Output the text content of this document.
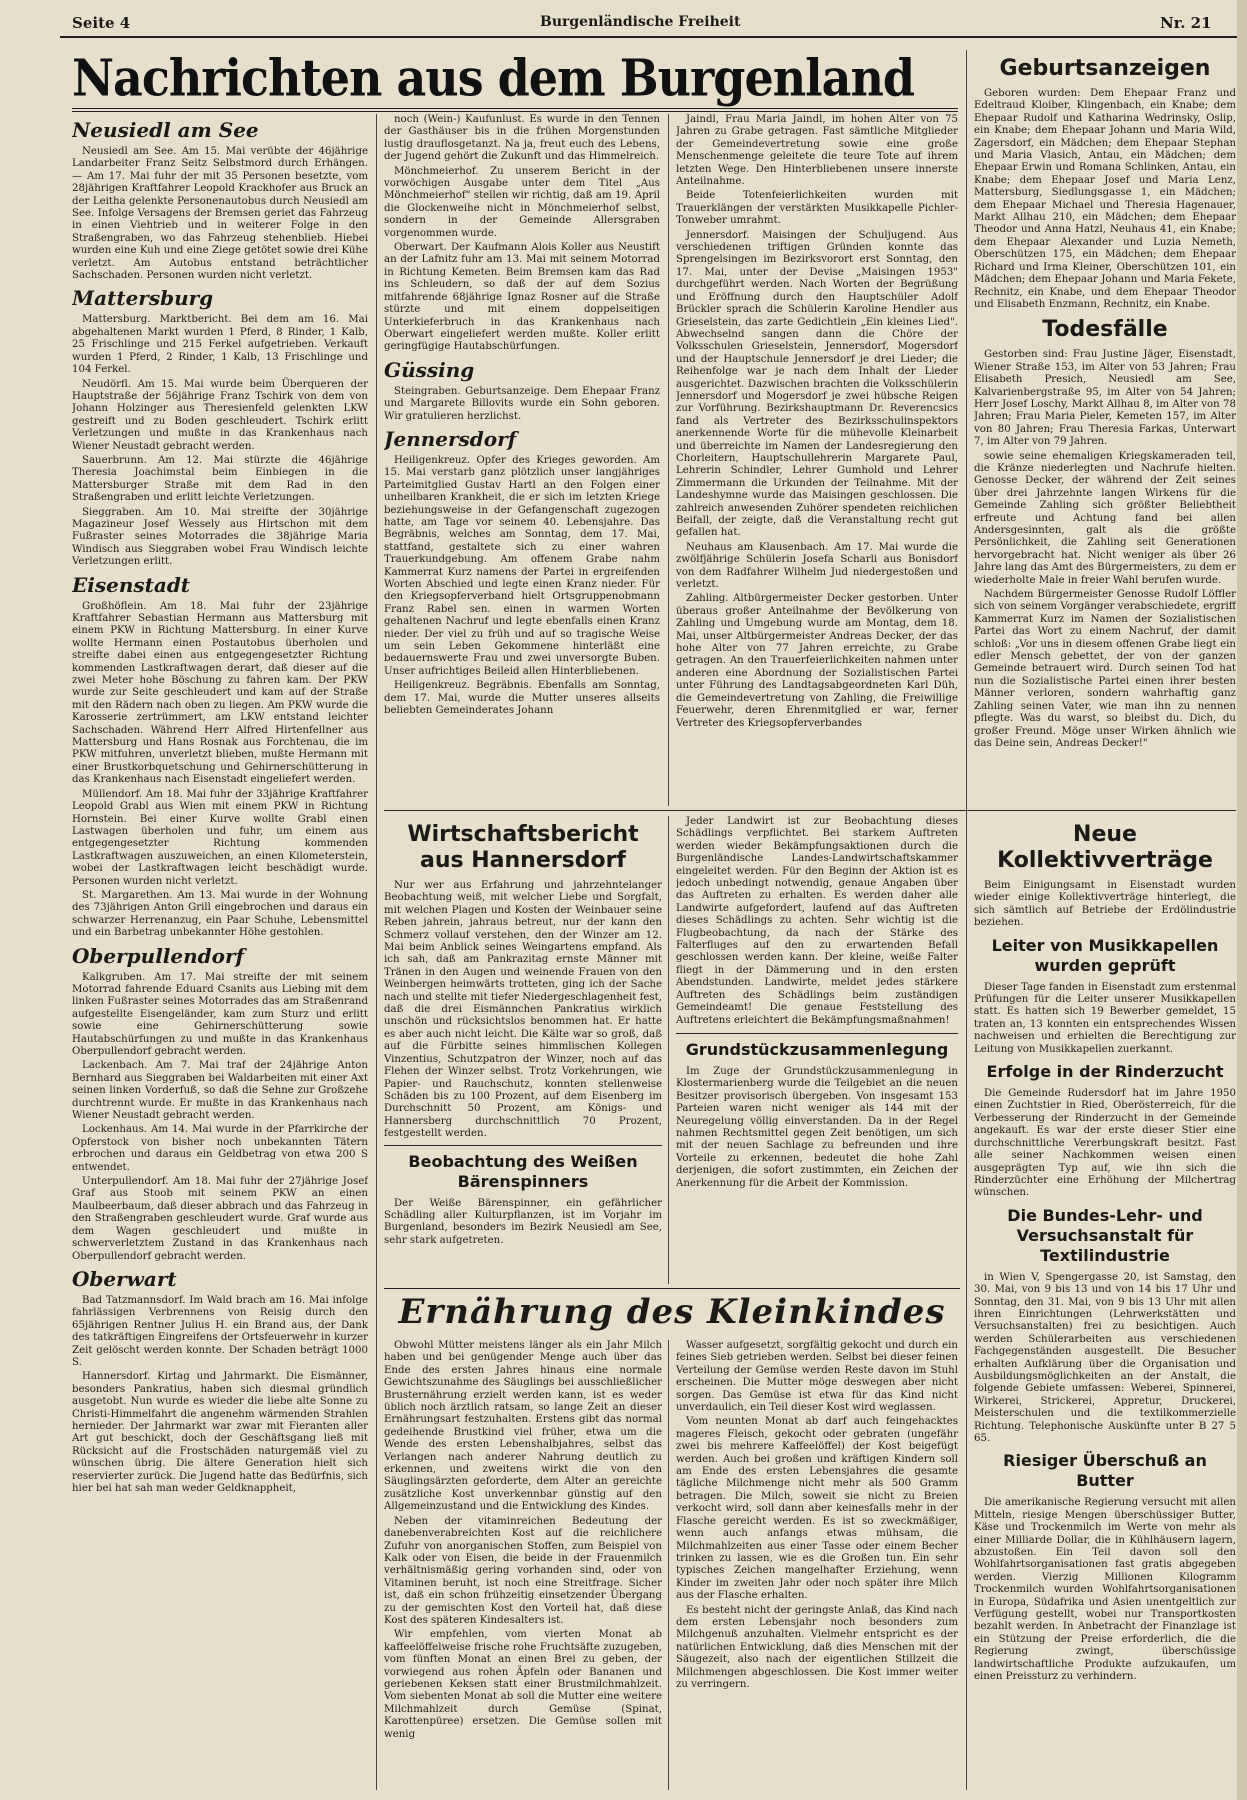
Seite 4	Burgenländische Freiheit	Nr. 21
Nachrichten aus dem Burgenland
Neusiedl am See

Neusiedl am See. Am 15. Mai verübte der 46jährige Landarbeiter Franz Seitz Selbstmord durch Erhängen. — Am 17. Mai fuhr der mit 35 Personen besetzte, vom 28jährigen Kraftfahrer Leopold Krackhofer aus Bruck an der Leitha gelenkte Personenautobus durch Neusiedl am See. Infolge Versagens der Bremsen geriet das Fahrzeug in einen Viehtrieb und in weiterer Folge in den Straßengraben, wo das Fahrzeug stehenblieb. Hiebei wurden eine Kuh und eine Ziege getötet sowie drei Kühe verletzt. Am Autobus entstand beträchtlicher Sachschaden. Personen wurden nicht verletzt.

Mattersburg

Mattersburg. Marktbericht. Bei dem am 16. Mai abgehaltenen Markt wurden 1 Pferd, 8 Rinder, 1 Kalb, 25 Frischlinge und 215 Ferkel aufgetrieben. Verkauft wurden 1 Pferd, 2 Rinder, 1 Kalb, 13 Frischlinge und 104 Ferkel.

Neudörfl. Am 15. Mai wurde beim Überqueren der Hauptstraße der 56jährige Franz Tschirk von dem von Johann Holzinger aus Theresienfeld gelenkten LKW gestreift und zu Boden geschleudert. Tschirk erlitt Verletzungen und mußte in das Krankenhaus nach Wiener Neustadt gebracht werden.

Sauerbrunn. Am 12. Mai stürzte die 46jährige Theresia Joachimstal beim Einbiegen in die Mattersburger Straße mit dem Rad in den Straßengraben und erlitt leichte Verletzungen.

Sieggraben. Am 10. Mai streifte der 30jährige Magazineur Josef Wessely aus Hirtschon mit dem Fußraster seines Motorrades die 38jährige Maria Windisch aus Sieggraben wobei Frau Windisch leichte Verletzungen erlitt.

Eisenstadt

Großhöflein. Am 18. Mai fuhr der 23jährige Kraftfahrer Sebastian Hermann aus Mattersburg mit einem PKW in Richtung Mattersburg. In einer Kurve wollte Hermann einen Postautobus überholen und streifte dabei einen aus entgegengesetzter Richtung kommenden Lastkraftwagen derart, daß dieser auf die zwei Meter hohe Böschung zu fahren kam. Der PKW wurde zur Seite geschleudert und kam auf der Straße mit den Rädern nach oben zu liegen. Am PKW wurde die Karosserie zertrümmert, am LKW entstand leichter Sachschaden. Während Herr Alfred Hirtenfellner aus Mattersburg und Hans Rosnak aus Forchtenau, die im PKW mitfuhren, unverletzt blieben, mußte Hermann mit einer Brustkorbquetschung und Gehirnerschütterung in das Krankenhaus nach Eisenstadt eingeliefert werden.

Müllendorf. Am 18. Mai fuhr der 33jährige Kraftfahrer Leopold Grabl aus Wien mit einem PKW in Richtung Hornstein. Bei einer Kurve wollte Grabl einen Lastwagen überholen und fuhr, um einem aus entgegengesetzter Richtung kommenden Lastkraftwagen auszuweichen, an einen Kilometerstein, wobei der Lastkraftwagen leicht beschädigt wurde. Personen wurden nicht verletzt.

St. Margarethen. Am 13. Mai wurde in der Wohnung des 73jährigen Anton Grill eingebrochen und daraus ein schwarzer Herrenanzug, ein Paar Schuhe, Lebensmittel und ein Barbetrag unbekannter Höhe gestohlen.

Oberpullendorf

Kalkgruben. Am 17. Mai streifte der mit seinem Motorrad fahrende Eduard Csanits aus Liebing mit dem linken Fußraster seines Motorrades das am Straßenrand aufgestellte Eisengeländer, kam zum Sturz und erlitt sowie eine Gehirnerschütterung sowie Hautabschürfungen zu und mußte in das Krankenhaus Oberpullendorf gebracht werden.

Lackenbach. Am 7. Mai traf der 24jährige Anton Bernhard aus Sieggraben bei Waldarbeiten mit einer Axt seinen linken Vorderfuß, so daß die Sehne zur Großzehe durchtrennt wurde. Er mußte in das Krankenhaus nach Wiener Neustadt gebracht werden.

Lockenhaus. Am 14. Mai wurde in der Pfarrkirche der Opferstock von bisher noch unbekannten Tätern erbrochen und daraus ein Geldbetrag von etwa 200 S entwendet.

Unterpullendorf. Am 18. Mai fuhr der 27jährige Josef Graf aus Stoob mit seinem PKW an einen Maulbeerbaum, daß dieser abbrach und das Fahrzeug in den Straßengraben geschleudert wurde. Graf wurde aus dem Wagen geschleudert und mußte in schwerverletztem Zustand in das Krankenhaus nach Oberpullendorf gebracht werden.

Oberwart

Bad Tatzmannsdorf. Im Wald brach am 16. Mai infolge fahrlässigen Verbrennens von Reisig durch den 65jährigen Rentner Julius H. ein Brand aus, der Dank des tatkräftigen Eingreifens der Ortsfeuerwehr in kurzer Zeit gelöscht werden konnte. Der Schaden beträgt 1000 S.

Hannersdorf. Kirtag und Jahrmarkt. Die Eismänner, besonders Pankratius, haben sich diesmal gründlich ausgetobt. Nun wurde es wieder die liebe alte Sonne zu Christi-Himmelfahrt die angenehm wärmenden Strahlen hernieder. Der Jahrmarkt war zwar mit Fieranten aller Art gut beschickt, doch der Geschäftsgang ließ mit Rücksicht auf die Frostschäden naturgemäß viel zu wünschen übrig. Die ältere Generation hielt sich reservierter zurück. Die Jugend hatte das Bedürfnis, sich hier bei hat sah man weder Geldknappheit,

noch (Wein-) Kaufunlust. Es wurde in den Tennen der Gasthäuser bis in die frühen Morgenstunden lustig drauflosgetanzt. Na ja, freut euch des Lebens, der Jugend gehört die Zukunft und das Himmelreich.

Mönchmeierhof. Zu unserem Bericht in der vorwöchigen Ausgabe unter dem Titel „Aus Mönchmeierhof" stellen wir richtig, daß am 19. April die Glockenweihe nicht in Mönchmeierhof selbst, sondern in der Gemeinde Allersgraben vorgenommen wurde.

Oberwart. Der Kaufmann Alois Koller aus Neustift an der Lafnitz fuhr am 13. Mai mit seinem Motorrad in Richtung Kemeten. Beim Bremsen kam das Rad ins Schleudern, so daß der auf dem Sozius mitfahrende 68jährige Ignaz Rosner auf die Straße stürzte und mit einem doppelseitigen Unterkieferbruch in das Krankenhaus nach Oberwart eingeliefert werden mußte. Koller erlitt geringfügige Hautabschürfungen.

Güssing

Steingraben. Geburtsanzeige. Dem Ehepaar Franz und Margarete Billovits wurde ein Sohn geboren. Wir gratulieren herzlichst.

Jennersdorf

Heiligenkreuz. Opfer des Krieges geworden. Am 15. Mai verstarb ganz plötzlich unser langjähriges Parteimitglied Gustav Hartl an den Folgen einer unheilbaren Krankheit, die er sich im letzten Kriege beziehungsweise in der Gefangenschaft zugezogen hatte, am Tage vor seinem 40. Lebensjahre. Das Begräbnis, welches am Sonntag, dem 17. Mai, stattfand, gestaltete sich zu einer wahren Trauerkundgebung. Am offenem Grabe nahm Kammerrat Kurz namens der Partei in ergreifenden Worten Abschied und legte einen Kranz nieder. Für den Kriegsopferverband hielt Ortsgruppenobmann Franz Rabel sen. einen in warmen Worten gehaltenen Nachruf und legte ebenfalls einen Kranz nieder. Der viel zu früh und auf so tragische Weise um sein Leben Gekommene hinterläßt eine bedauernswerte Frau und zwei unversorgte Buben. Unser aufrichtiges Beileid allen Hinterbliebenen.

Heiligenkreuz. Begräbnis. Ebenfalls am Sonntag, dem 17. Mai, wurde die Mutter unseres allseits beliebten Gemeinderates Johann

Jaindl, Frau Maria Jaindl, im hohen Alter von 75 Jahren zu Grabe getragen. Fast sämtliche Mitglieder der Gemeindevertretung sowie eine große Menschenmenge geleitete die teure Tote auf ihrem letzten Wege. Den Hinterbliebenen unsere innerste Anteilnahme.

Beide Totenfeierlichkeiten wurden mit Trauerklängen der verstärkten Musikkapelle Pichler-Tonweber umrahmt.

Jennersdorf. Maisingen der Schuljugend. Aus verschiedenen triftigen Gründen konnte das Sprengelsingen im Bezirksvorort erst Sonntag, den 17. Mai, unter der Devise „Maisingen 1953" durchgeführt werden. Nach Worten der Begrüßung und Eröffnung durch den Hauptschüler Adolf Brückler sprach die Schülerin Karoline Hendler aus Grieselstein, das zarte Gedichtlein „Ein kleines Lied". Abwechselnd sangen dann die Chöre der Volksschulen Grieselstein, Jennersdorf, Mogersdorf und der Hauptschule Jennersdorf je drei Lieder; die Reihenfolge war je nach dem Inhalt der Lieder ausgerichtet. Dazwischen brachten die Volksschülerin Jennersdorf und Mogersdorf je zwei hübsche Reigen zur Vorführung. Bezirkshauptmann Dr. Reverencsics fand als Vertreter des Bezirksschulinspektors anerkennende Worte für die mühevolle Kleinarbeit und überreichte im Namen der Landesregierung den Chorleitern, Hauptschullehrerin Margarete Paul, Lehrerin Schindler, Lehrer Gumhold und Lehrer Zimmermann die Urkunden der Teilnahme. Mit der Landeshymne wurde das Maisingen geschlossen. Die zahlreich anwesenden Zuhörer spendeten reichlichen Beifall, der zeigte, daß die Veranstaltung recht gut gefallen hat.

Neuhaus am Klausenbach. Am 17. Mai wurde die zwölfjährige Schülerin Josefa Scharli aus Bonisdorf von dem Radfahrer Wilhelm Jud niedergestoßen und verletzt.

Zahling. Altbürgermeister Decker gestorben. Unter überaus großer Anteilnahme der Bevölkerung von Zahling und Umgebung wurde am Montag, dem 18. Mai, unser Altbürgermeister Andreas Decker, der das hohe Alter von 77 Jahren erreichte, zu Grabe getragen. An den Trauerfeierlichkeiten nahmen unter anderen eine Abordnung der Sozialistischen Partei unter Führung des Landtagsabgeordneten Karl Düh, die Gemeindevertretung von Zahling, die Freiwillige Feuerwehr, deren Ehrenmitglied er war, ferner Vertreter des Kriegsopferverbandes

Geburtsanzeigen

Geboren wurden: Dem Ehepaar Franz und Edeltraud Kloiber, Klingenbach, ein Knabe; dem Ehepaar Rudolf und Katharina Wedrinsky, Oslip, ein Knabe; dem Ehepaar Johann und Maria Wild, Zagersdorf, ein Mädchen; dem Ehepaar Stephan und Maria Vlasich, Antau, ein Mädchen; dem Ehepaar Erwin und Romana Schlinken, Antau, ein Knabe; dem Ehepaar Josef und Maria Lenz, Mattersburg, Siedlungsgasse 1, ein Mädchen; dem Ehepaar Michael und Theresia Hagenauer, Markt Allhau 210, ein Mädchen; dem Ehepaar Theodor und Anna Hatzl, Neuhaus 41, ein Knabe; dem Ehepaar Alexander und Luzia Nemeth, Oberschützen 175, ein Mädchen; dem Ehepaar Richard und Irma Kleiner, Oberschützen 101, ein Mädchen; dem Ehepaar Johann und Maria Fekete, Rechnitz, ein Knabe, und dem Ehepaar Theodor und Elisabeth Enzmann, Rechnitz, ein Knabe.

Todesfälle

Gestorben sind: Frau Justine Jäger, Eisenstadt, Wiener Straße 153, im Alter von 53 Jahren; Frau Elisabeth Presich, Neusiedl am See, Kalvarienbergstraße 95, im Alter von 54 Jahren; Herr Josef Loschy, Markt Allhau 8, im Alter von 78 Jahren; Frau Maria Pieler, Kemeten 157, im Alter von 80 Jahren; Frau Theresia Farkas, Unterwart 7, im Alter von 79 Jahren.

sowie seine ehemaligen Kriegskameraden teil, die Kränze niederlegten und Nachrufe hielten. Genosse Decker, der während der Zeit seines über drei Jahrzehnte langen Wirkens für die Gemeinde Zahling sich größter Beliebtheit erfreute und Achtung fand bei allen Andersgesinnten, galt als die größte Persönlichkeit, die Zahling seit Generationen hervorgebracht hat. Nicht weniger als über 26 Jahre lang das Amt des Bürgermeisters, zu dem er wiederholte Male in freier Wahl berufen wurde.

Nachdem Bürgermeister Genosse Rudolf Löffler sich von seinem Vorgänger verabschiedete, ergriff Kammerrat Kurz im Namen der Sozialistischen Partei das Wort zu einem Nachruf, der damit schloß: „Vor uns in diesem offenen Grabe liegt ein edler Mensch gebettet, der von der ganzen Gemeinde betrauert wird. Durch seinen Tod hat nun die Sozialistische Partei einen ihrer besten Männer verloren, sondern wahrhaftig ganz Zahling seinen Vater, wie man ihn zu nennen pflegte. Was du warst, so bleibst du. Dich, du großer Freund. Möge unser Wirken ähnlich wie das Deine sein, Andreas Decker!"

Wirtschaftsbericht aus Hannersdorf

Nur wer aus Erfahrung und jahrzehntelanger Beobachtung weiß, mit welcher Liebe und Sorgfalt, mit welchen Plagen und Kosten der Weinbauer seine Reben jahrein, jahraus betreut, nur der kann den Schmerz vollauf verstehen, den der Winzer am 12. Mai beim Anblick seines Weingartens empfand. Als ich sah, daß am Pankrazitag ernste Männer mit Tränen in den Augen und weinende Frauen von den Weinbergen heimwärts trotteten, ging ich der Sache nach und stellte mit tiefer Niedergeschlagenheit fest, daß die drei Eismännchen Pankratius wirklich unschön und rücksichtslos benommen hat. Er hatte es aber auch nicht leicht. Die Kälte war so groß, daß auf die Fürbitte seines himmlischen Kollegen Vinzentius, Schutzpatron der Winzer, noch auf das Flehen der Winzer selbst. Trotz Vorkehrungen, wie Papier- und Rauchschutz, konnten stellenweise Schäden bis zu 100 Prozent, auf dem Eisenberg im Durchschnitt 50 Prozent, am Königs- und Hannersberg durchschnittlich 70 Prozent, festgestellt werden.

Beobachtung des Weißen Bärenspinners

Der Weiße Bärenspinner, ein gefährlicher Schädling aller Kulturpflanzen, ist im Vorjahr im Burgenland, besonders im Bezirk Neusiedl am See, sehr stark aufgetreten.

Jeder Landwirt ist zur Beobachtung dieses Schädlings verpflichtet. Bei starkem Auftreten werden wieder Bekämpfungsaktionen durch die Burgenländische Landes-Landwirtschaftskammer eingeleitet werden. Für den Beginn der Aktion ist es jedoch unbedingt notwendig, genaue Angaben über das Auftreten zu erhalten. Es werden daher alle Landwirte aufgefordert, laufend auf das Auftreten dieses Schädlings zu achten. Sehr wichtig ist die Flugbeobachtung, da nach der Stärke des Falterfluges auf den zu erwartenden Befall geschlossen werden kann. Der kleine, weiße Falter fliegt in der Dämmerung und in den ersten Abendstunden. Landwirte, meldet jedes stärkere Auftreten des Schädlings beim zuständigen Gemeindeamt! Die genaue Feststellung des Auftretens erleichtert die Bekämpfungsmaßnahmen!

Grundstückzusammenlegung

Im Zuge der Grundstückzusammenlegung in Klostermarienberg wurde die Teilgebiet an die neuen Besitzer provisorisch übergeben. Von insgesamt 153 Parteien waren nicht weniger als 144 mit der Neuregelung völlig einverstanden. Da in der Regel nahmen Rechtsmittel gegen Zeit benötigen, um sich mit der neuen Sachlage zu befreunden und ihre Vorteile zu erkennen, bedeutet die hohe Zahl derjenigen, die sofort zustimmten, ein Zeichen der Anerkennung für die Arbeit der Kommission.

Neue Kollektivverträge

Beim Einigungsamt in Eisenstadt wurden wieder einige Kollektivverträge hinterlegt, die sich sämtlich auf Betriebe der Erdölindustrie beziehen.

Leiter von Musikkapellen wurden geprüft

Dieser Tage fanden in Eisenstadt zum erstenmal Prüfungen für die Leiter unserer Musikkapellen statt. Es hatten sich 19 Bewerber gemeldet, 15 traten an, 13 konnten ein entsprechendes Wissen nachweisen und erhielten die Berechtigung zur Leitung von Musikkapellen zuerkannt.

Erfolge in der Rinderzucht

Die Gemeinde Rudersdorf hat im Jahre 1950 einen Zuchtstier in Ried, Oberösterreich, für die Verbesserung der Rinderzucht in der Gemeinde angekauft. Es war der erste dieser Stier eine durchschnittliche Vererbungskraft besitzt. Fast alle seiner Nachkommen weisen einen ausgeprägten Typ auf, wie ihn sich die Rinderzüchter eine Erhöhung der Milchertrag wünschen.

Die Bundes-Lehr- und Versuchsanstalt für Textilindustrie

in Wien V, Spengergasse 20, ist Samstag, den 30. Mai, von 9 bis 13 und von 14 bis 17 Uhr und Sonntag, den 31. Mai, von 9 bis 13 Uhr mit allen ihren Einrichtungen (Lehrwerkstätten und Versuchsanstalten) frei zu besichtigen. Auch werden Schülerarbeiten aus verschiedenen Fachgegenständen ausgestellt. Die Besucher erhalten Aufklärung über die Organisation und Ausbildungsmöglichkeiten an der Anstalt, die folgende Gebiete umfassen: Weberei, Spinnerei, Wirkerei, Strickerei, Appretur, Druckerei, Meisterschulen und die textilkommerzielle Richtung. Telephonische Auskünfte unter B 27 5 65.

Riesiger Überschuß an Butter

Die amerikanische Regierung versucht mit allen Mitteln, riesige Mengen überschüssiger Butter, Käse und Trockenmilch im Werte von mehr als einer Milliarde Dollar, die in Kühlhäusern lagern, abzustoßen. Ein Teil davon soll den Wohlfahrtsorganisationen fast gratis abgegeben werden. Vierzig Millionen Kilogramm Trockenmilch wurden Wohlfahrtsorganisationen in Europa, Südafrika und Asien unentgeltlich zur Verfügung gestellt, wobei nur Transportkosten bezahlt werden. In Anbetracht der Finanzlage ist ein Stützung der Preise erforderlich, die die Regierung zwingt, überschüssige landwirtschaftliche Produkte aufzukaufen, um einen Preissturz zu verhindern.

Ernährung des Kleinkindes

Obwohl Mütter meistens länger als ein Jahr Milch haben und bei genügender Menge auch über das Ende des ersten Jahres hinaus eine normale Gewichtszunahme des Säuglings bei ausschließlicher Brusternährung erzielt werden kann, ist es weder üblich noch ärztlich ratsam, so lange Zeit an dieser Ernährungsart festzuhalten. Erstens gibt das normal gedeihende Brustkind viel früher, etwa um die Wende des ersten Lebenshalbjahres, selbst das Verlangen nach anderer Nahrung deutlich zu erkennen, und zweitens wirkt die von den Säuglingsärzten geforderte, dem Alter an gereichte zusätzliche Kost unverkennbar günstig auf den Allgemeinzustand und die Entwicklung des Kindes.

Neben der vitaminreichen Bedeutung der danebenverabreichten Kost auf die reichlichere Zufuhr von anorganischen Stoffen, zum Beispiel von Kalk oder von Eisen, die beide in der Frauenmilch verhältnismäßig gering vorhanden sind, oder von Vitaminen beruht, ist noch eine Streitfrage. Sicher ist, daß ein schon frühzeitig einsetzender Übergang zu der gemischten Kost den Vorteil hat, daß diese Kost des späteren Kindesalters ist.

Wir empfehlen, vom vierten Monat ab kaffeelöffelweise frische rohe Fruchtsäfte zuzugeben, vom fünften Monat an einen Brei zu geben, der vorwiegend aus rohen Äpfeln oder Bananen und geriebenen Keksen statt einer Brustmilchmahlzeit. Vom siebenten Monat ab soll die Mutter eine weitere Milchmahlzeit durch Gemüse (Spinat, Karottenpüree) ersetzen. Die Gemüse sollen mit wenig

Wasser aufgesetzt, sorgfältig gekocht und durch ein feines Sieb getrieben werden. Selbst bei dieser feinen Verteilung der Gemüse werden Reste davon im Stuhl erscheinen. Die Mutter möge deswegen aber nicht sorgen. Das Gemüse ist etwa für das Kind nicht unverdaulich, ein Teil dieser Kost wird weglassen.

Vom neunten Monat ab darf auch feingehacktes mageres Fleisch, gekocht oder gebraten (ungefähr zwei bis mehrere Kaffeelöffel) der Kost beigefügt werden. Auch bei großen und kräftigen Kindern soll am Ende des ersten Lebensjahres die gesamte tägliche Milchmenge nicht mehr als 500 Gramm betragen. Die Milch, soweit sie nicht zu Breien verkocht wird, soll dann aber keinesfalls mehr in der Flasche gereicht werden. Es ist so zweckmäßiger, wenn auch anfangs etwas mühsam, die Milchmahlzeiten aus einer Tasse oder einem Becher trinken zu lassen, wie es die Großen tun. Ein sehr typisches Zeichen mangelhafter Erziehung, wenn Kinder im zweiten Jahr oder noch später ihre Milch aus der Flasche erhalten.

Es besteht nicht der geringste Anlaß, das Kind nach dem ersten Lebensjahr noch besonders zum Milchgenuß anzuhalten. Vielmehr entspricht es der natürlichen Entwicklung, daß dies Menschen mit der Säugezeit, also nach der eigentlichen Stillzeit die Milchmengen abgeschlossen. Die Kost immer weiter zu verringern.
